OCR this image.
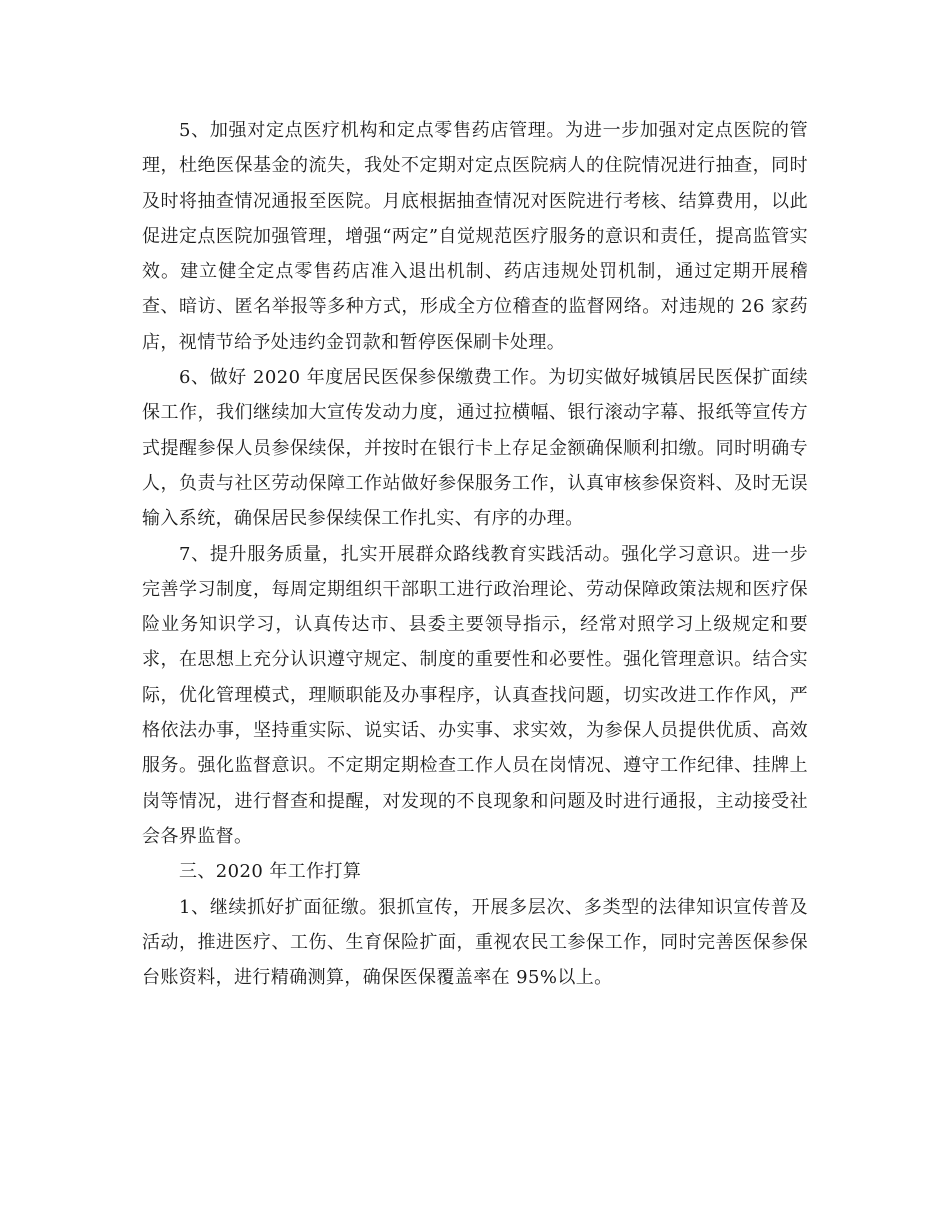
5、加强对定点医疗机构和定点零售药店管理。为进一步加强对定点医院的管理，杜绝医保基金的流失，我处不定期对定点医院病人的住院情况进行抽查，同时及时将抽查情况通报至医院。月底根据抽查情况对医院进行考核、结算费用，以此促进定点医院加强管理，增强“两定”自觉规范医疗服务的意识和责任，提高监管实效。建立健全定点零售药店准入退出机制、药店违规处罚机制，通过定期开展稽查、暗访、匿名举报等多种方式，形成全方位稽查的监督网络。对违规的 26 家药店，视情节给予处违约金罚款和暂停医保刷卡处理。

6、做好 2020 年度居民医保参保缴费工作。为切实做好城镇居民医保扩面续保工作，我们继续加大宣传发动力度，通过拉横幅、银行滚动字幕、报纸等宣传方式提醒参保人员参保续保，并按时在银行卡上存足金额确保顺利扣缴。同时明确专人，负责与社区劳动保障工作站做好参保服务工作，认真审核参保资料、及时无误输入系统，确保居民参保续保工作扎实、有序的办理。

7、提升服务质量，扎实开展群众路线教育实践活动。强化学习意识。进一步完善学习制度，每周定期组织干部职工进行政治理论、劳动保障政策法规和医疗保险业务知识学习，认真传达市、县委主要领导指示，经常对照学习上级规定和要求，在思想上充分认识遵守规定、制度的重要性和必要性。强化管理意识。结合实际，优化管理模式，理顺职能及办事程序，认真查找问题，切实改进工作作风，严格依法办事，坚持重实际、说实话、办实事、求实效，为参保人员提供优质、高效服务。强化监督意识。不定期定期检查工作人员在岗情况、遵守工作纪律、挂牌上岗等情况，进行督查和提醒，对发现的不良现象和问题及时进行通报，主动接受社会各界监督。

三、2020 年工作打算

1、继续抓好扩面征缴。狠抓宣传，开展多层次、多类型的法律知识宣传普及活动，推进医疗、工伤、生育保险扩面，重视农民工参保工作，同时完善医保参保台账资料，进行精确测算，确保医保覆盖率在 95%以上。
